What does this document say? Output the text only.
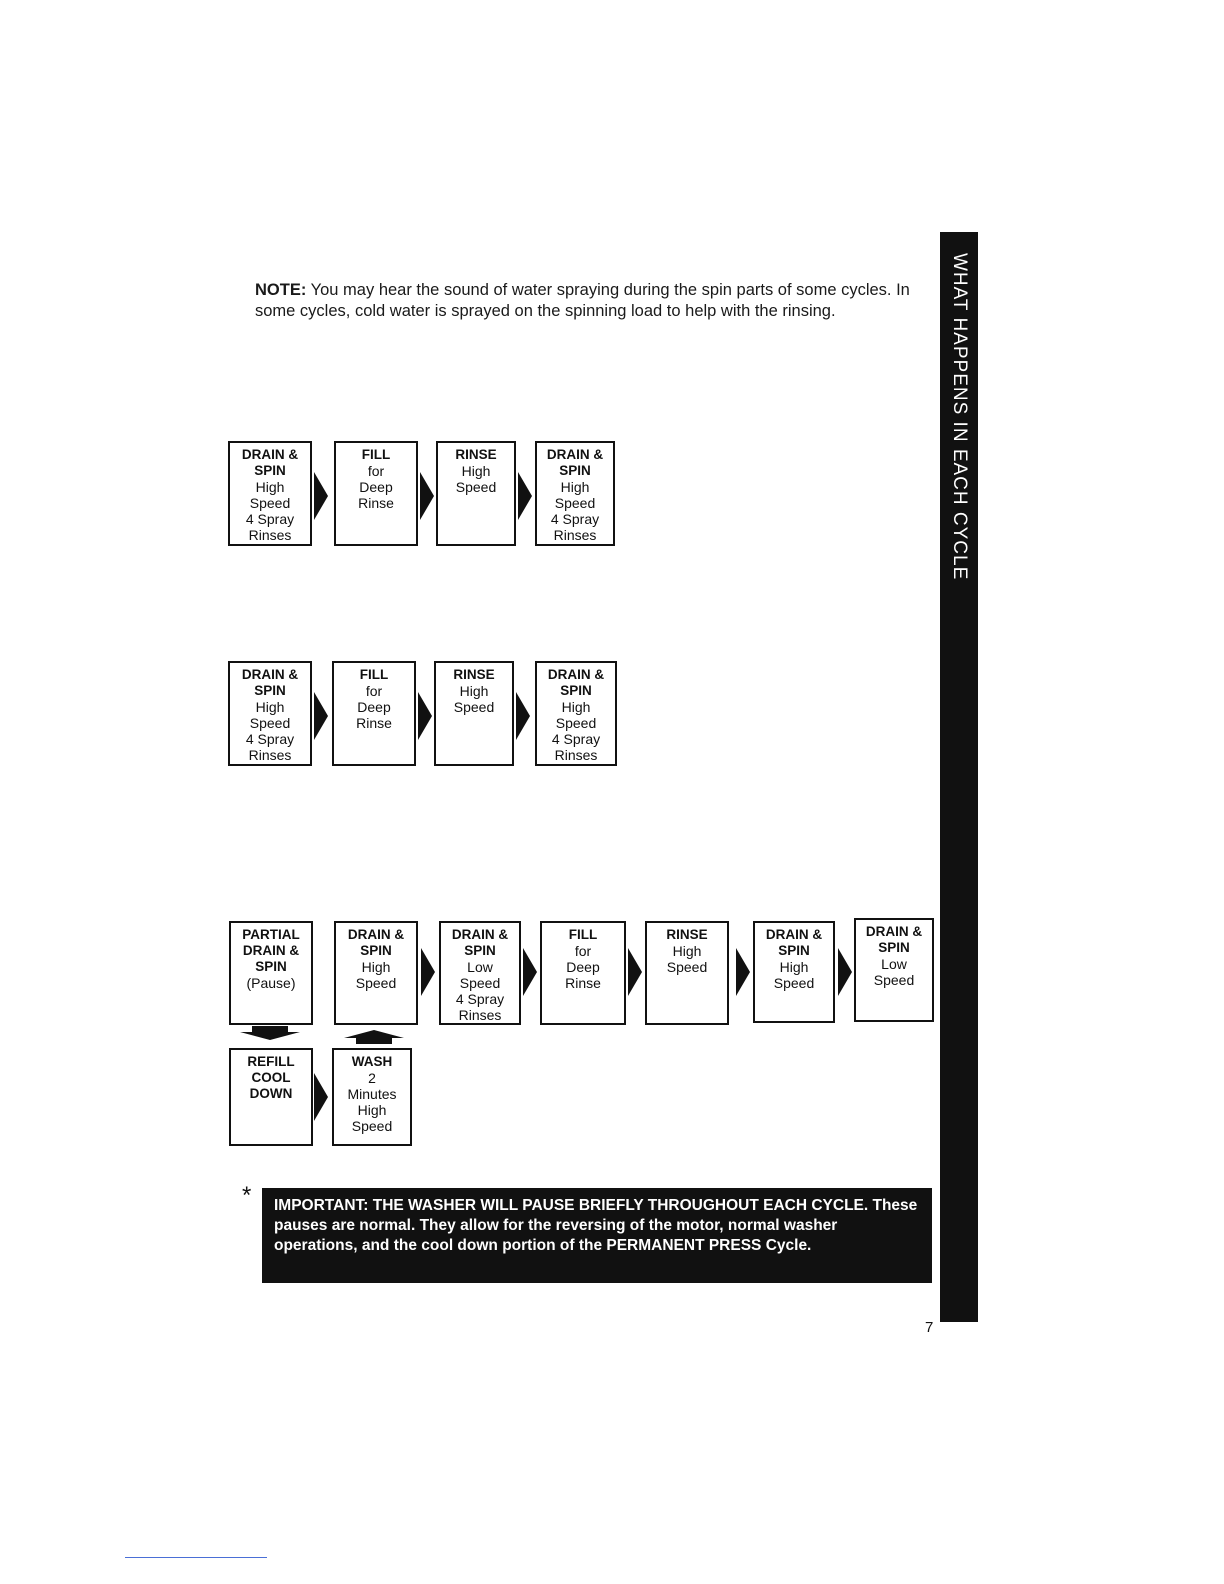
NOTE: You may hear the sound of water spraying during the spin parts of some cycles. In some cycles, cold water is sprayed on the spinning load to help with the rinsing.	WHAT HAPPENS IN EACH CYCLE
DRAIN &
SPIN
High
Speed
4 Spray
Rinses
FILL
for
Deep
Rinse
RINSE
High
Speed
DRAIN &
SPIN
High
Speed
4 Spray
Rinses
DRAIN &
SPIN
High
Speed
4 Spray
Rinses
FILL
for
Deep
Rinse
RINSE
High
Speed
DRAIN &
SPIN
High
Speed
4 Spray
Rinses
PARTIAL
DRAIN &
SPIN
(Pause)
DRAIN &
SPIN
High
Speed
DRAIN &
SPIN
Low
Speed
4 Spray
Rinses
FILL
for
Deep
Rinse
RINSE
High
Speed
DRAIN &
SPIN
High
Speed
DRAIN &
SPIN
Low
Speed
REFILL
COOL
DOWN
WASH
2
Minutes
High
Speed
*	IMPORTANT: THE WASHER WILL PAUSE BRIEFLY THROUGHOUT EACH CYCLE. These pauses are normal. They allow for the reversing of the motor, normal washer operations, and the cool down portion of the PERMANENT PRESS Cycle.
7
